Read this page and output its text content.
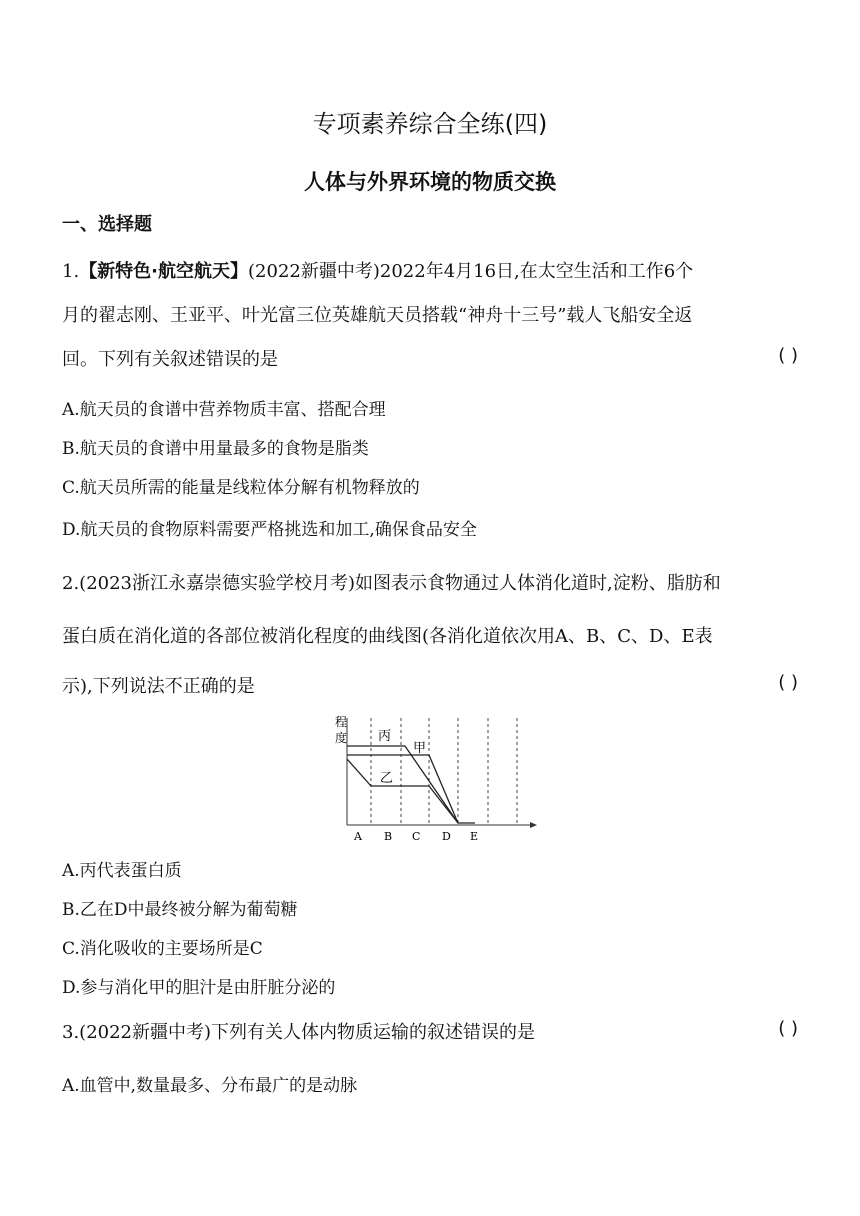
专项素养综合全练(四)
人体与外界环境的物质交换
一、选择题
1.【新特色·航空航天】(2022新疆中考)2022年4月16日,在太空生活和工作6个
月的翟志刚、王亚平、叶光富三位英雄航天员搭载“神舟十三号”载人飞船安全返
回。下列有关叙述错误的是	( )
A.航天员的食谱中营养物质丰富、搭配合理
B.航天员的食谱中用量最多的食物是脂类
C.航天员所需的能量是线粒体分解有机物释放的
D.航天员的食物原料需要严格挑选和加工,确保食品安全
2.(2023浙江永嘉崇德实验学校月考)如图表示食物通过人体消化道时,淀粉、脂肪和
蛋白质在消化道的各部位被消化程度的曲线图(各消化道依次用A、B、C、D、E表
示),下列说法不正确的是	( )
程
度 丙
甲
乙
A B C D E
A.丙代表蛋白质
B.乙在D中最终被分解为葡萄糖
C.消化吸收的主要场所是C
D.参与消化甲的胆汁是由肝脏分泌的
3.(2022新疆中考)下列有关人体内物质运输的叙述错误的是	( )
A.血管中,数量最多、分布最广的是动脉
